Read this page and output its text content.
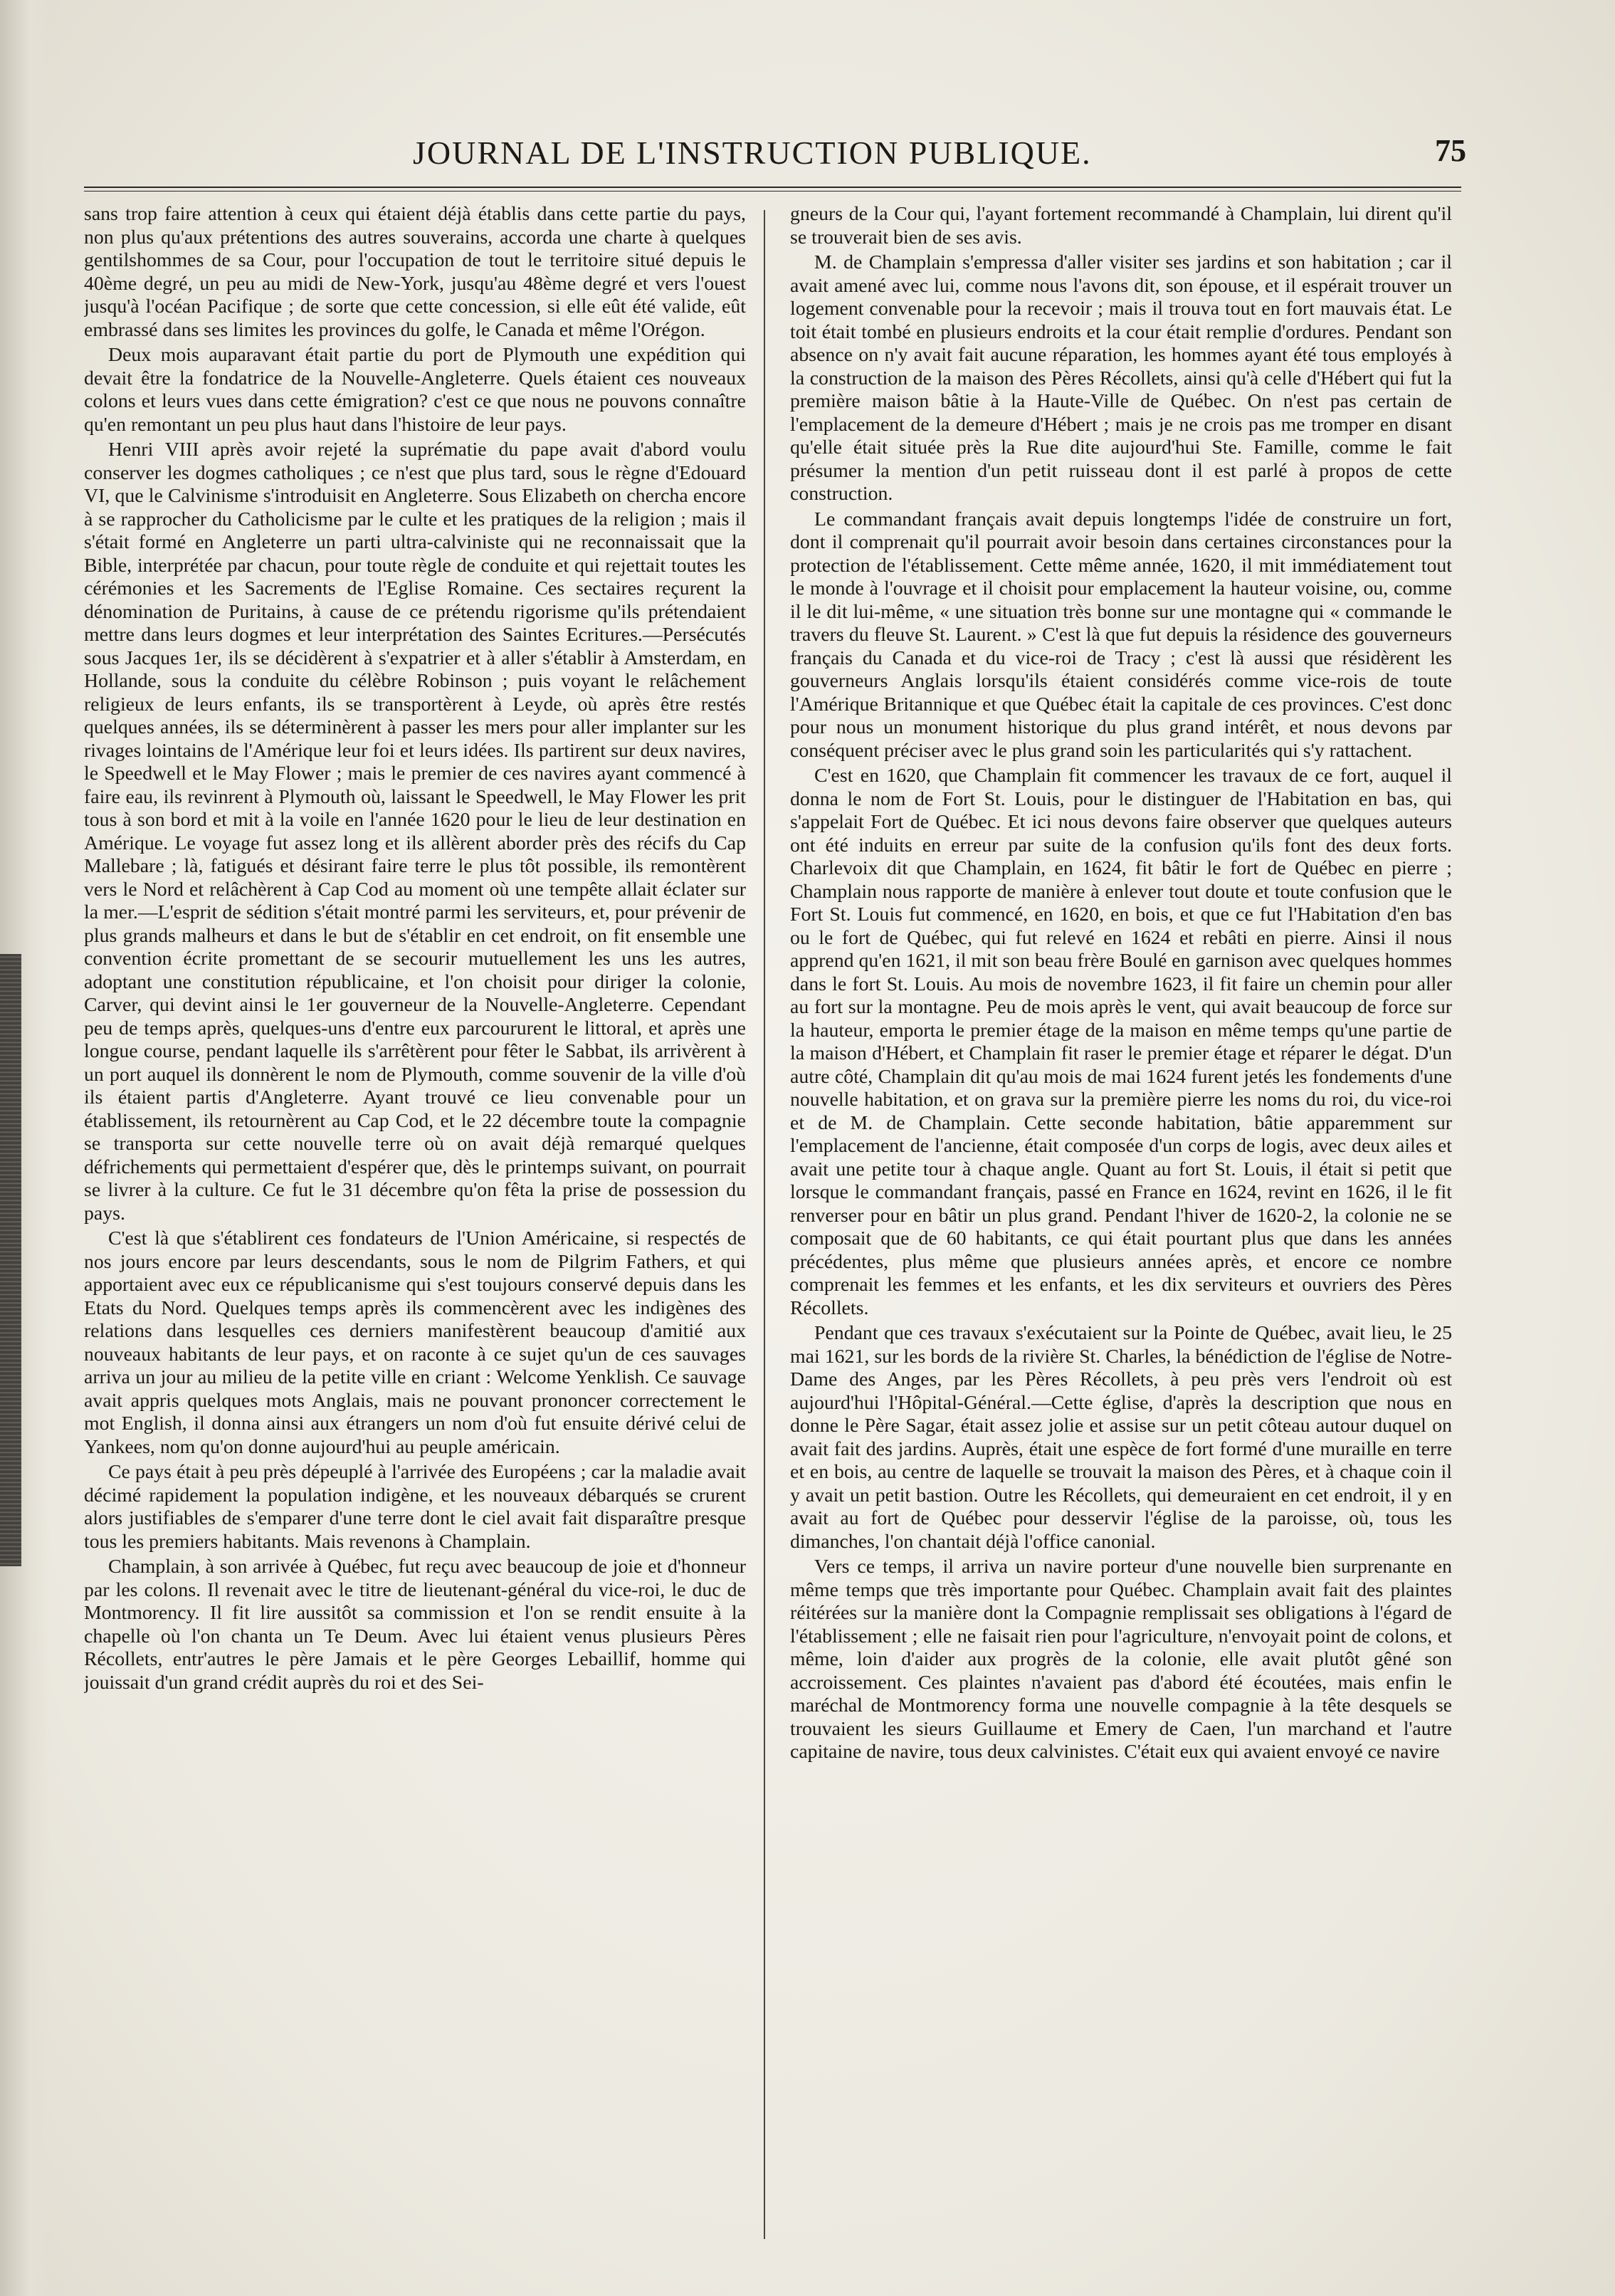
JOURNAL DE L'INSTRUCTION PUBLIQUE.	75

sans trop faire attention à ceux qui étaient déjà établis dans cette partie du pays, non plus qu'aux prétentions des autres souverains, accorda une charte à quelques gentilshommes de sa Cour, pour l'occupation de tout le territoire situé depuis le 40ème degré, un peu au midi de New-York, jusqu'au 48ème degré et vers l'ouest jusqu'à l'océan Pacifique ; de sorte que cette concession, si elle eût été valide, eût embrassé dans ses limites les provinces du golfe, le Canada et même l'Orégon.

Deux mois auparavant était partie du port de Plymouth une expédition qui devait être la fondatrice de la Nouvelle-Angleterre. Quels étaient ces nouveaux colons et leurs vues dans cette émigration? c'est ce que nous ne pouvons connaître qu'en remontant un peu plus haut dans l'histoire de leur pays.

Henri VIII après avoir rejeté la suprématie du pape avait d'abord voulu conserver les dogmes catholiques ; ce n'est que plus tard, sous le règne d'Edouard VI, que le Calvinisme s'introduisit en Angleterre. Sous Elizabeth on chercha encore à se rapprocher du Catholicisme par le culte et les pratiques de la religion ; mais il s'était formé en Angleterre un parti ultra-calviniste qui ne reconnaissait que la Bible, interprétée par chacun, pour toute règle de conduite et qui rejettait toutes les cérémonies et les Sacrements de l'Eglise Romaine. Ces sectaires reçurent la dénomination de Puritains, à cause de ce prétendu rigorisme qu'ils prétendaient mettre dans leurs dogmes et leur interprétation des Saintes Ecritures.—Persécutés sous Jacques 1er, ils se décidèrent à s'expatrier et à aller s'établir à Amsterdam, en Hollande, sous la conduite du célèbre Robinson ; puis voyant le relâchement religieux de leurs enfants, ils se transportèrent à Leyde, où après être restés quelques années, ils se déterminèrent à passer les mers pour aller implanter sur les rivages lointains de l'Amérique leur foi et leurs idées. Ils partirent sur deux navires, le Speedwell et le May Flower ; mais le premier de ces navires ayant commencé à faire eau, ils revinrent à Plymouth où, laissant le Speedwell, le May Flower les prit tous à son bord et mit à la voile en l'année 1620 pour le lieu de leur destination en Amérique. Le voyage fut assez long et ils allèrent aborder près des récifs du Cap Mallebare ; là, fatigués et désirant faire terre le plus tôt possible, ils remontèrent vers le Nord et relâchèrent à Cap Cod au moment où une tempête allait éclater sur la mer.—L'esprit de sédition s'était montré parmi les serviteurs, et, pour prévenir de plus grands malheurs et dans le but de s'établir en cet endroit, on fit ensemble une convention écrite promettant de se secourir mutuellement les uns les autres, adoptant une constitution républicaine, et l'on choisit pour diriger la colonie, Carver, qui devint ainsi le 1er gouverneur de la Nouvelle-Angleterre. Cependant peu de temps après, quelques-uns d'entre eux parcoururent le littoral, et après une longue course, pendant laquelle ils s'arrêtèrent pour fêter le Sabbat, ils arrivèrent à un port auquel ils donnèrent le nom de Plymouth, comme souvenir de la ville d'où ils étaient partis d'Angleterre. Ayant trouvé ce lieu convenable pour un établissement, ils retournèrent au Cap Cod, et le 22 décembre toute la compagnie se transporta sur cette nouvelle terre où on avait déjà remarqué quelques défrichements qui permettaient d'espérer que, dès le printemps suivant, on pourrait se livrer à la culture. Ce fut le 31 décembre qu'on fêta la prise de possession du pays.

C'est là que s'établirent ces fondateurs de l'Union Américaine, si respectés de nos jours encore par leurs descendants, sous le nom de Pilgrim Fathers, et qui apportaient avec eux ce républicanisme qui s'est toujours conservé depuis dans les Etats du Nord. Quelques temps après ils commencèrent avec les indigènes des relations dans lesquelles ces derniers manifestèrent beaucoup d'amitié aux nouveaux habitants de leur pays, et on raconte à ce sujet qu'un de ces sauvages arriva un jour au milieu de la petite ville en criant : Welcome Yenklish. Ce sauvage avait appris quelques mots Anglais, mais ne pouvant prononcer correctement le mot English, il donna ainsi aux étrangers un nom d'où fut ensuite dérivé celui de Yankees, nom qu'on donne aujourd'hui au peuple américain.

Ce pays était à peu près dépeuplé à l'arrivée des Européens ; car la maladie avait décimé rapidement la population indigène, et les nouveaux débarqués se crurent alors justifiables de s'emparer d'une terre dont le ciel avait fait disparaître presque tous les premiers habitants. Mais revenons à Champlain.

Champlain, à son arrivée à Québec, fut reçu avec beaucoup de joie et d'honneur par les colons. Il revenait avec le titre de lieutenant-général du vice-roi, le duc de Montmorency. Il fit lire aussitôt sa commission et l'on se rendit ensuite à la chapelle où l'on chanta un Te Deum. Avec lui étaient venus plusieurs Pères Récollets, entr'autres le père Jamais et le père Georges Lebaillif, homme qui jouissait d'un grand crédit auprès du roi et des Sei-

gneurs de la Cour qui, l'ayant fortement recommandé à Champlain, lui dirent qu'il se trouverait bien de ses avis.

M. de Champlain s'empressa d'aller visiter ses jardins et son habitation ; car il avait amené avec lui, comme nous l'avons dit, son épouse, et il espérait trouver un logement convenable pour la recevoir ; mais il trouva tout en fort mauvais état. Le toit était tombé en plusieurs endroits et la cour était remplie d'ordures. Pendant son absence on n'y avait fait aucune réparation, les hommes ayant été tous employés à la construction de la maison des Pères Récollets, ainsi qu'à celle d'Hébert qui fut la première maison bâtie à la Haute-Ville de Québec. On n'est pas certain de l'emplacement de la demeure d'Hébert ; mais je ne crois pas me tromper en disant qu'elle était située près la Rue dite aujourd'hui Ste. Famille, comme le fait présumer la mention d'un petit ruisseau dont il est parlé à propos de cette construction.

Le commandant français avait depuis longtemps l'idée de construire un fort, dont il comprenait qu'il pourrait avoir besoin dans certaines circonstances pour la protection de l'établissement. Cette même année, 1620, il mit immédiatement tout le monde à l'ouvrage et il choisit pour emplacement la hauteur voisine, ou, comme il le dit lui-même, « une situation très bonne sur une montagne qui « commande le travers du fleuve St. Laurent. » C'est là que fut depuis la résidence des gouverneurs français du Canada et du vice-roi de Tracy ; c'est là aussi que résidèrent les gouverneurs Anglais lorsqu'ils étaient considérés comme vice-rois de toute l'Amérique Britannique et que Québec était la capitale de ces provinces. C'est donc pour nous un monument historique du plus grand intérêt, et nous devons par conséquent préciser avec le plus grand soin les particularités qui s'y rattachent.

C'est en 1620, que Champlain fit commencer les travaux de ce fort, auquel il donna le nom de Fort St. Louis, pour le distinguer de l'Habitation en bas, qui s'appelait Fort de Québec. Et ici nous devons faire observer que quelques auteurs ont été induits en erreur par suite de la confusion qu'ils font des deux forts. Charlevoix dit que Champlain, en 1624, fit bâtir le fort de Québec en pierre ; Champlain nous rapporte de manière à enlever tout doute et toute confusion que le Fort St. Louis fut commencé, en 1620, en bois, et que ce fut l'Habitation d'en bas ou le fort de Québec, qui fut relevé en 1624 et rebâti en pierre. Ainsi il nous apprend qu'en 1621, il mit son beau frère Boulé en garnison avec quelques hommes dans le fort St. Louis. Au mois de novembre 1623, il fit faire un chemin pour aller au fort sur la montagne. Peu de mois après le vent, qui avait beaucoup de force sur la hauteur, emporta le premier étage de la maison en même temps qu'une partie de la maison d'Hébert, et Champlain fit raser le premier étage et réparer le dégat. D'un autre côté, Champlain dit qu'au mois de mai 1624 furent jetés les fondements d'une nouvelle habitation, et on grava sur la première pierre les noms du roi, du vice-roi et de M. de Champlain. Cette seconde habitation, bâtie apparemment sur l'emplacement de l'ancienne, était composée d'un corps de logis, avec deux ailes et avait une petite tour à chaque angle. Quant au fort St. Louis, il était si petit que lorsque le commandant français, passé en France en 1624, revint en 1626, il le fit renverser pour en bâtir un plus grand. Pendant l'hiver de 1620-2, la colonie ne se composait que de 60 habitants, ce qui était pourtant plus que dans les années précédentes, plus même que plusieurs années après, et encore ce nombre comprenait les femmes et les enfants, et les dix serviteurs et ouvriers des Pères Récollets.

Pendant que ces travaux s'exécutaient sur la Pointe de Québec, avait lieu, le 25 mai 1621, sur les bords de la rivière St. Charles, la bénédiction de l'église de Notre-Dame des Anges, par les Pères Récollets, à peu près vers l'endroit où est aujourd'hui l'Hôpital-Général.—Cette église, d'après la description que nous en donne le Père Sagar, était assez jolie et assise sur un petit côteau autour duquel on avait fait des jardins. Auprès, était une espèce de fort formé d'une muraille en terre et en bois, au centre de laquelle se trouvait la maison des Pères, et à chaque coin il y avait un petit bastion. Outre les Récollets, qui demeuraient en cet endroit, il y en avait au fort de Québec pour desservir l'église de la paroisse, où, tous les dimanches, l'on chantait déjà l'office canonial.

Vers ce temps, il arriva un navire porteur d'une nouvelle bien surprenante en même temps que très importante pour Québec. Champlain avait fait des plaintes réitérées sur la manière dont la Compagnie remplissait ses obligations à l'égard de l'établissement ; elle ne faisait rien pour l'agriculture, n'envoyait point de colons, et même, loin d'aider aux progrès de la colonie, elle avait plutôt gêné son accroissement. Ces plaintes n'avaient pas d'abord été écoutées, mais enfin le maréchal de Montmorency forma une nouvelle compagnie à la tête desquels se trouvaient les sieurs Guillaume et Emery de Caen, l'un marchand et l'autre capitaine de navire, tous deux calvinistes. C'était eux qui avaient envoyé ce navire
